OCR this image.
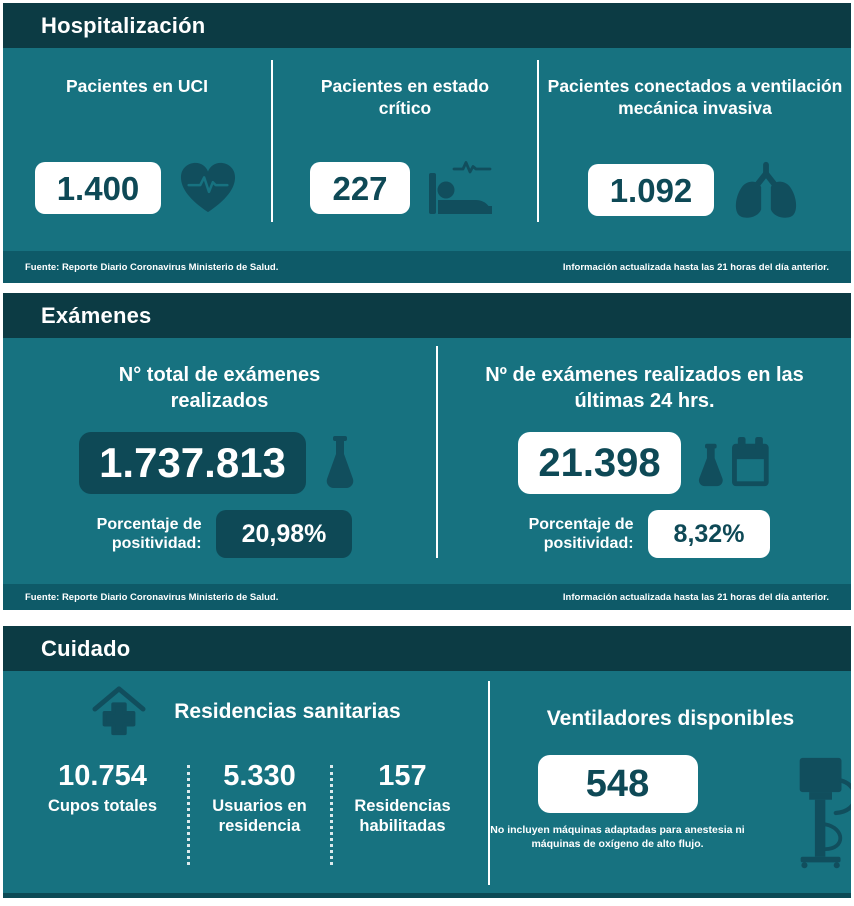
Hospitalización
Pacientes en UCI
1.400
Pacientes en estado crítico
227
Pacientes conectados a ventilación mecánica invasiva
1.092
Fuente: Reporte Diario Coronavirus Ministerio de Salud.	Información actualizada hasta las 21 horas del día anterior.
Exámenes
N° total de exámenes realizados
1.737.813
Porcentaje de positividad:	20,98%
Nº de exámenes realizados en las últimas 24 hrs.
21.398
Porcentaje de positividad:	8,32%
Fuente: Reporte Diario Coronavirus Ministerio de Salud.	Información actualizada hasta las 21 horas del día anterior.
Cuidado
Residencias sanitarias
10.754
Cupos totales
5.330
Usuarios en residencia
157
Residencias habilitadas
Ventiladores disponibles
548
No incluyen máquinas adaptadas para anestesia ni máquinas de oxígeno de alto flujo.
